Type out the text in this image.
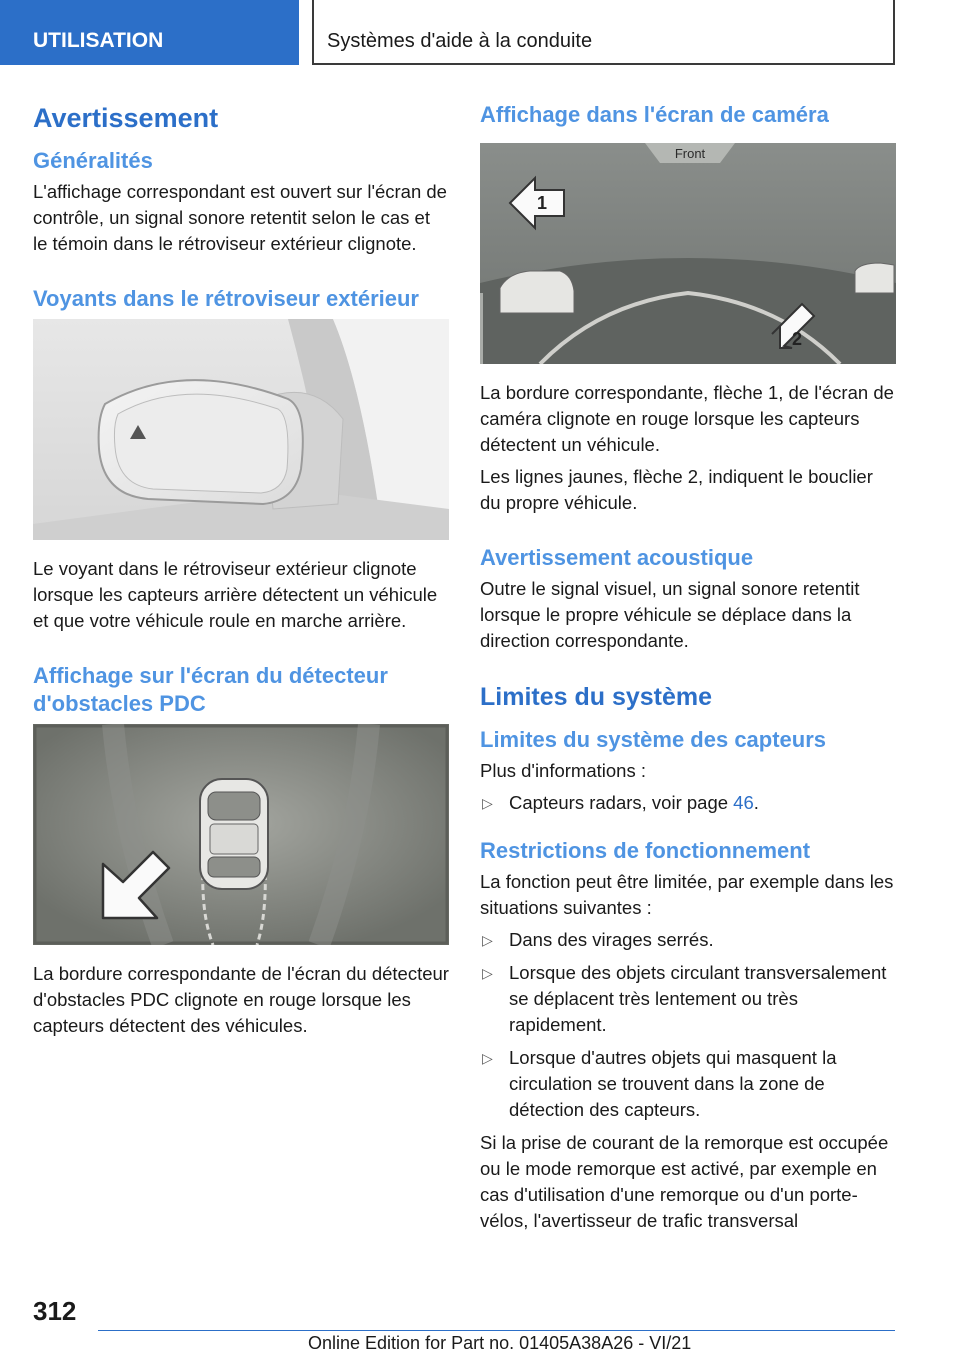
UTILISATION	Systèmes d'aide à la conduite
Avertissement
Généralités

L'affichage correspondant est ouvert sur l'écran de contrôle, un signal sonore retentit selon le cas et le témoin dans le rétroviseur extérieur clignote.

Voyants dans le rétroviseur extérieur

Le voyant dans le rétroviseur extérieur clignote lorsque les capteurs arrière détectent un véhicule et que votre véhicule roule en marche arrière.

Affichage sur l'écran du détecteur d'obstacles PDC

La bordure correspondante de l'écran du détecteur d'obstacles PDC clignote en rouge lorsque les capteurs détectent des véhicules.

Affichage dans l'écran de caméra
Front
1
2

La bordure correspondante, flèche 1, de l'écran de caméra clignote en rouge lorsque les capteurs détectent un véhicule.

Les lignes jaunes, flèche 2, indiquent le bouclier du propre véhicule.

Avertissement acoustique

Outre le signal visuel, un signal sonore retentit lorsque le propre véhicule se déplace dans la direction correspondante.

Limites du système
Limites du système des capteurs

Plus d'informations :

▷ Capteurs radars, voir page 46.
Restrictions de fonctionnement

La fonction peut être limitée, par exemple dans les situations suivantes :

▷ Dans des virages serrés.
▷ Lorsque des objets circulant transversalement se déplacent très lentement ou très rapidement.
▷ Lorsque d'autres objets qui masquent la circulation se trouvent dans la zone de détection des capteurs.

Si la prise de courant de la remorque est occupée ou le mode remorque est activé, par exemple en cas d'utilisation d'une remorque ou d'un porte-vélos, l'avertisseur de trafic transversal

312
Online Edition for Part no. 01405A38A26 - VI/21
